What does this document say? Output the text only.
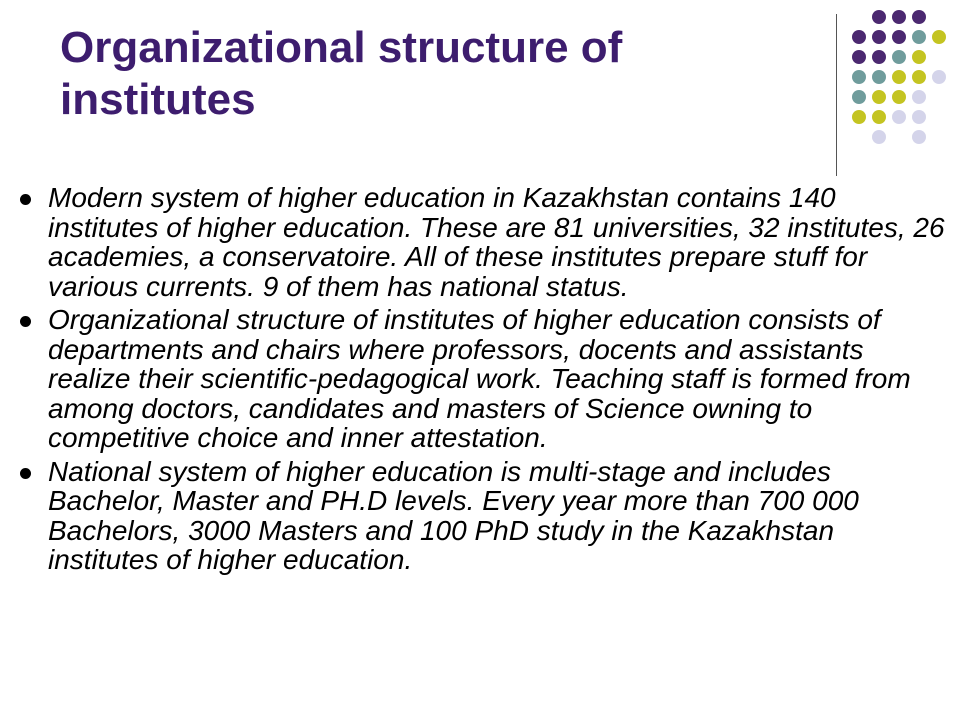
Organizational structure of institutes
Modern system of higher education in Kazakhstan contains 140 institutes of higher education. These are 81 universities, 32 institutes, 26 academies, a conservatoire. All of these institutes prepare stuff for various currents. 9 of them has national status.
Organizational structure of institutes of higher education consists of departments and chairs where professors, docents and assistants realize their scientific-pedagogical work. Teaching staff is formed from among doctors, candidates and masters of Science owning to competitive choice and inner attestation.
National system of higher education is multi-stage and includes Bachelor, Master and PH.D levels. Every year more than 700 000 Bachelors, 3000 Masters and 100 PhD study in the Kazakhstan institutes of higher education.
